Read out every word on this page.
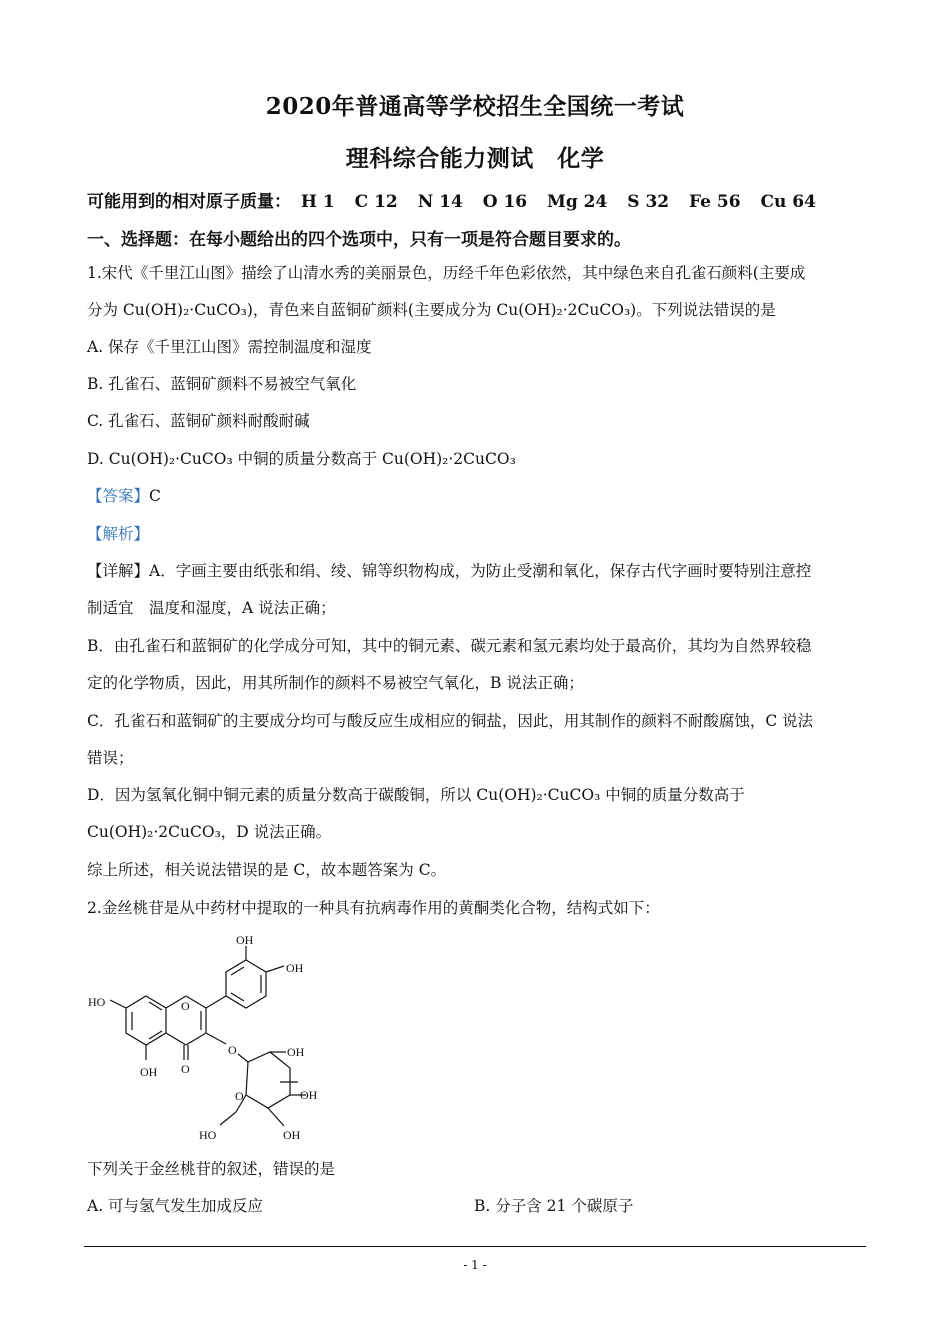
2020年普通高等学校招生全国统一考试
理科综合能力测试　化学
可能用到的相对原子质量： H 1 C 12 N 14 O 16 Mg 24 S 32 Fe 56 Cu 64
一、选择题：在每小题给出的四个选项中，只有一项是符合题目要求的。
1.宋代《千里江山图》描绘了山清水秀的美丽景色，历经千年色彩依然，其中绿色来自孔雀石颜料(主要成
分为 Cu(OH)₂·CuCO₃)，青色来自蓝铜矿颜料(主要成分为 Cu(OH)₂·2CuCO₃)。下列说法错误的是
A. 保存《千里江山图》需控制温度和湿度
B. 孔雀石、蓝铜矿颜料不易被空气氧化
C. 孔雀石、蓝铜矿颜料耐酸耐碱
D. Cu(OH)₂·CuCO₃ 中铜的质量分数高于 Cu(OH)₂·2CuCO₃
【答案】C
【解析】
【详解】A．字画主要由纸张和绢、绫、锦等织物构成，为防止受潮和氧化，保存古代字画时要特别注意控
制适宜　温度和湿度，A 说法正确；
B．由孔雀石和蓝铜矿的化学成分可知，其中的铜元素、碳元素和氢元素均处于最高价，其均为自然界较稳
定的化学物质，因此，用其所制作的颜料不易被空气氧化，B 说法正确；
C．孔雀石和蓝铜矿的主要成分均可与酸反应生成相应的铜盐，因此，用其制作的颜料不耐酸腐蚀，C 说法
错误；
D．因为氢氧化铜中铜元素的质量分数高于碳酸铜，所以 Cu(OH)₂·CuCO₃ 中铜的质量分数高于
Cu(OH)₂·2CuCO₃，D 说法正确。
综上所述，相关说法错误的是 C，故本题答案为 C。
2.金丝桃苷是从中药材中提取的一种具有抗病毒作用的黄酮类化合物，结构式如下：
OH
OH
HO	O
OH O
O	OH
O	OH
HO	OH
下列关于金丝桃苷的叙述，错误的是
A. 可与氢气发生加成反应	B. 分子含 21 个碳原子
- 1 -
